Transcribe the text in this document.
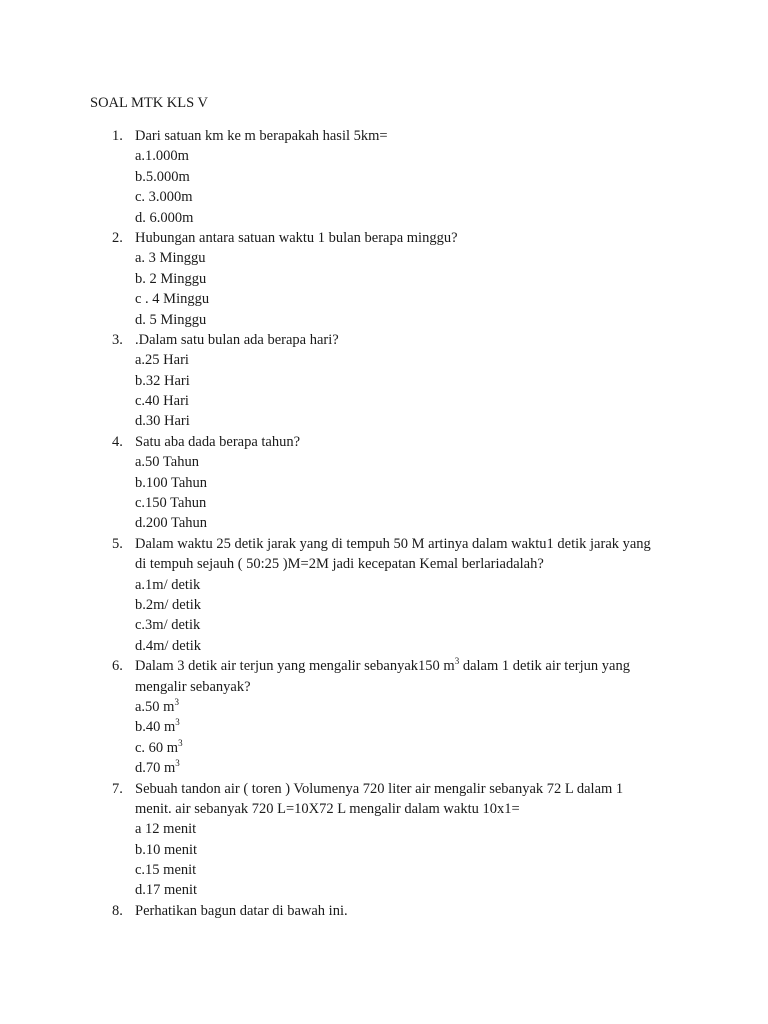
SOAL MTK KLS V
1. Dari satuan km ke m berapakah hasil 5km=
a.1.000m
b.5.000m
c. 3.000m
d. 6.000m
2. Hubungan antara satuan waktu 1 bulan berapa minggu?
a. 3 Minggu
b. 2 Minggu
c . 4 Minggu
d. 5 Minggu
3. .Dalam satu bulan ada berapa hari?
a.25 Hari
b.32 Hari
c.40 Hari
d.30 Hari
4. Satu aba dada berapa tahun?
a.50 Tahun
b.100 Tahun
c.150 Tahun
d.200 Tahun
5. Dalam waktu 25 detik jarak yang di tempuh 50 M artinya dalam waktu1 detik jarak yang
di tempuh sejauh ( 50:25 )M=2M jadi kecepatan Kemal berlariadalah?
a.1m/ detik
b.2m/ detik
c.3m/ detik
d.4m/ detik
6. Dalam 3 detik air terjun yang mengalir sebanyak150 $m^3$ dalam 1 detik air terjun yang
mengalir sebanyak?
a.50 $m^3$
b.40 $m^3$
c. 60 $m^3$
d.70 $m^3$
7. Sebuah tandon air ( toren ) Volumenya 720 liter air mengalir sebanyak 72 L dalam 1
menit. air sebanyak 720 L=10X72 L mengalir dalam waktu 10x1=
a 12 menit
b.10 menit
c.15 menit
d.17 menit
8. Perhatikan bagun datar di bawah ini.
